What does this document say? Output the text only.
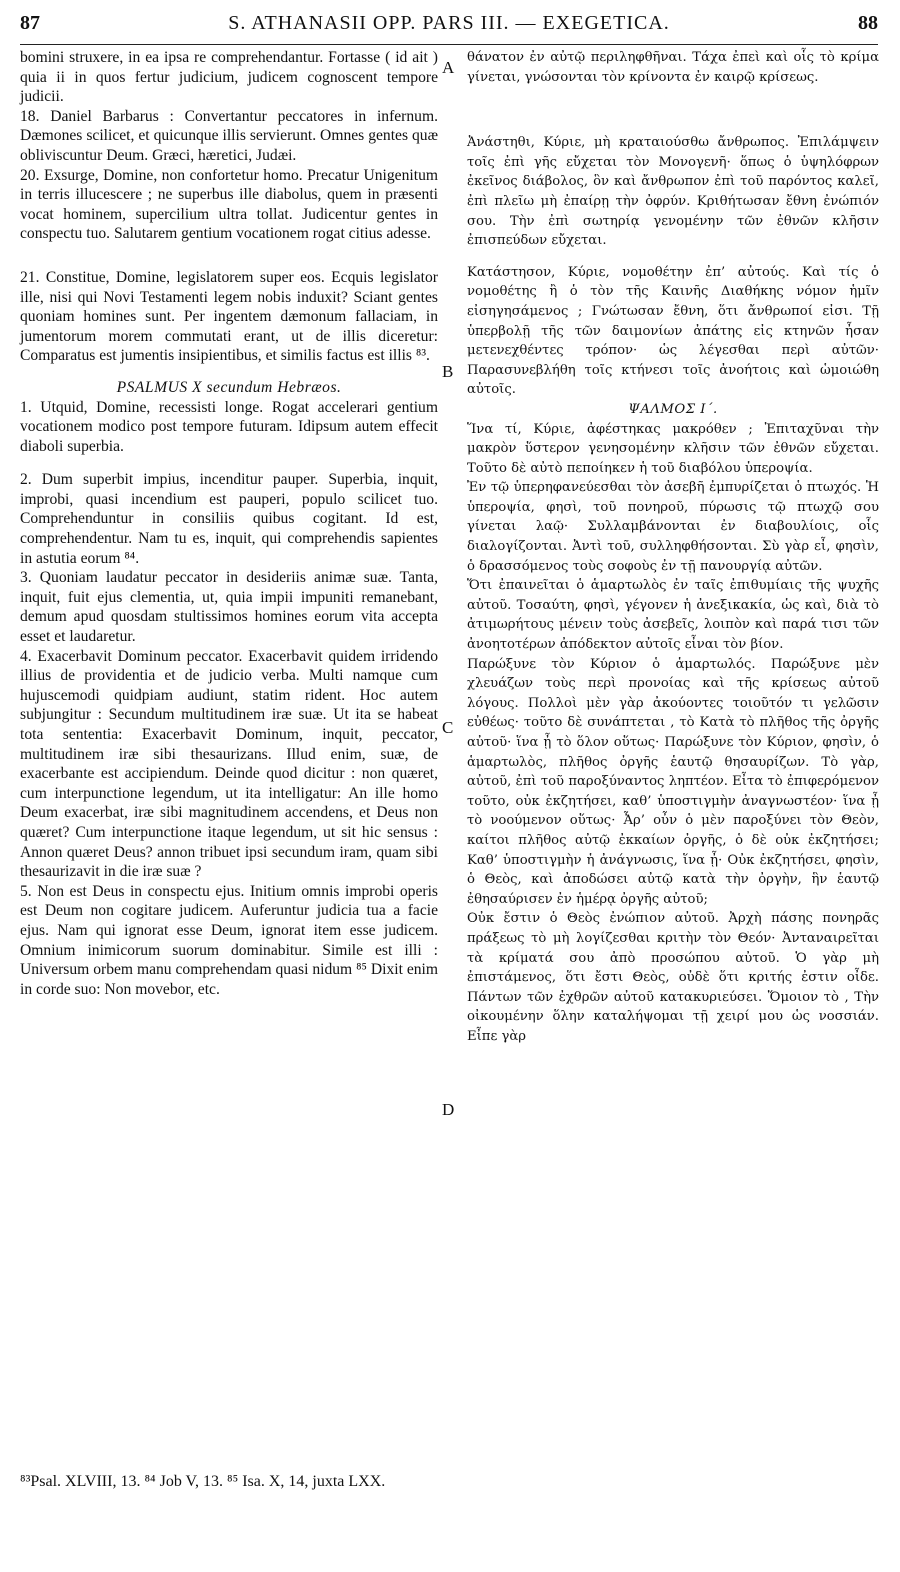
87	S. ATHANASII OPP. PARS III. — EXEGETICA.	88

bomini struxere, in ea ipsa re comprehendantur. Fortasse ( id ait ) quia ii in quos fertur judicium, judicem cognoscent tempore judicii.

18. Daniel Barbarus : Convertantur peccatores in infernum. Dæmones scilicet, et quicunque illis servierunt. Omnes gentes quæ obliviscuntur Deum. Græci, hæretici, Judæi.

20. Exsurge, Domine, non confortetur homo. Precatur Unigenitum in terris illucescere ; ne superbus ille diabolus, quem in præsenti vocat hominem, supercilium ultra tollat. Judicentur gentes in conspectu tuo. Salutarem gentium vocationem rogat citius adesse.

21. Constitue, Domine, legislatorem super eos. Ecquis legislator ille, nisi qui Novi Testamenti legem nobis induxit? Sciant gentes quoniam homines sunt. Per ingentem dæmonum fallaciam, in jumentorum morem commutati erant, ut de illis diceretur: Comparatus est jumentis insipientibus, et similis factus est illis ⁸³.

PSALMUS X secundum Hebræos.

1. Utquid, Domine, recessisti longe. Rogat accelerari gentium vocationem modico post tempore futuram. Idipsum autem effecit diaboli superbia.

2. Dum superbit impius, incenditur pauper. Superbia, inquit, improbi, quasi incendium est pauperi, populo scilicet tuo. Comprehenduntur in consiliis quibus cogitant. Id est, comprehendentur. Nam tu es, inquit, qui comprehendis sapientes in astutia eorum ⁸⁴.

3. Quoniam laudatur peccator in desideriis animæ suæ. Tanta, inquit, fuit ejus clementia, ut, quia impii impuniti remanebant, demum apud quosdam stultissimos homines eorum vita accepta esset et laudaretur.

4. Exacerbavit Dominum peccator. Exacerbavit quidem irridendo illius de providentia et de judicio verba. Multi namque cum hujuscemodi quidpiam audiunt, statim rident. Hoc autem subjungitur : Secundum multitudinem iræ suæ. Ut ita se habeat tota sententia: Exacerbavit Dominum, inquit, peccator, multitudinem iræ sibi thesaurizans. Illud enim, suæ, de exacerbante est accipiendum. Deinde quod dicitur : non quæret, cum interpunctione legendum, ut ita intelligatur: An ille homo Deum exacerbat, iræ sibi magnitudinem accendens, et Deus non quæret? Cum interpunctione itaque legendum, ut sit hic sensus : Annon quæret Deus? annon tribuet ipsi secundum iram, quam sibi thesaurizavit in die iræ suæ ?

5. Non est Deus in conspectu ejus. Initium omnis improbi operis est Deum non cogitare judicem. Auferuntur judicia tua a facie ejus. Nam qui ignorat esse Deum, ignorat item esse judicem. Omnium inimicorum suorum dominabitur. Simile est illi : Universum orbem manu comprehendam quasi nidum ⁸⁵ Dixit enim in corde suo: Non movebor, etc.

θάνατον ἐν αὐτῷ περιληφθῆναι. Τάχα ἐπεὶ καὶ οἷς τὸ κρίμα γίνεται, γνώσονται τὸν κρίνοντα ἐν καιρῷ κρίσεως.

Ἀνάστηθι, Κύριε, μὴ κραταιούσθω ἄνθρωπος. Ἐπιλάμψειν τοῖς ἐπὶ γῆς εὔχεται τὸν Μονογενῆ· ὅπως ὁ ὑψηλόφρων ἐκεῖνος διάβολος, ὃν καὶ ἄνθρωπον ἐπὶ τοῦ παρόντος καλεῖ, ἐπὶ πλεῖω μὴ ἐπαίρῃ τὴν ὀφρύν. Κριθήτωσαν ἔθνη ἐνώπιόν σου. Τὴν ἐπὶ σωτηρίᾳ γενομένην τῶν ἐθνῶν κλῆσιν ἐπισπεύδων εὔχεται.

Κατάστησον, Κύριε, νομοθέτην ἐπ’ αὐτούς. Καὶ τίς ὁ νομοθέτης ἢ ὁ τὸν τῆς Καινῆς Διαθήκης νόμον ἡμῖν εἰσηγησάμενος ; Γνώτωσαν ἔθνη, ὅτι ἄνθρωποί εἰσι. Τῇ ὑπερβολῇ τῆς τῶν δαιμονίων ἀπάτης εἰς κτηνῶν ἦσαν μετενεχθέντες τρόπον· ὡς λέγεσθαι περὶ αὐτῶν· Παρασυνεβλήθη τοῖς κτήνεσι τοῖς ἀνοήτοις καὶ ὡμοιώθη αὐτοῖς.

ΨΑΛΜΟΣ Ι΄.

Ἵνα τί, Κύριε, ἀφέστηκας μακρόθεν ; Ἐπιταχῦναι τὴν μακρὸν ὕστερον γενησομένην κλῆσιν τῶν ἐθνῶν εὔχεται. Τοῦτο δὲ αὐτὸ πεποίηκεν ἡ τοῦ διαβόλου ὑπεροψία.

Ἐν τῷ ὑπερηφανεύεσθαι τὸν ἀσεβῆ ἐμπυρίζεται ὁ πτωχός. Ἡ ὑπεροψία, φησὶ, τοῦ πονηροῦ, πύρωσις τῷ πτωχῷ σου γίνεται λαῷ· Συλλαμβάνονται ἐν διαβουλίοις, οἷς διαλογίζονται. Ἀντὶ τοῦ, συλληφθήσονται. Σὺ γὰρ εἶ, φησὶν, ὁ δρασσόμενος τοὺς σοφοὺς ἐν τῇ πανουργίᾳ αὐτῶν.

Ὅτι ἐπαινεῖται ὁ ἁμαρτωλὸς ἐν ταῖς ἐπιθυμίαις τῆς ψυχῆς αὐτοῦ. Τοσαύτη, φησὶ, γέγονεν ἡ ἀνεξικακία, ὡς καὶ, διὰ τὸ ἀτιμωρήτους μένειν τοὺς ἀσεβεῖς, λοιπὸν καὶ παρά τισι τῶν ἀνοητοτέρων ἀπόδεκτον αὐτοῖς εἶναι τὸν βίον.

Παρώξυνε τὸν Κύριον ὁ ἁμαρτωλός. Παρώξυνε μὲν χλευάζων τοὺς περὶ προνοίας καὶ τῆς κρίσεως αὐτοῦ λόγους. Πολλοὶ μὲν γὰρ ἀκούοντες τοιοῦτόν τι γελῶσιν εὐθέως· τοῦτο δὲ συνάπτεται , τὸ Κατὰ τὸ πλῆθος τῆς ὀργῆς αὐτοῦ· ἵνα ᾖ τὸ ὅλον οὕτως· Παρώξυνε τὸν Κύριον, φησὶν, ὁ ἁμαρτωλὸς, πλῆθος ὀργῆς ἑαυτῷ θησαυρίζων. Τὸ γὰρ, αὐτοῦ, ἐπὶ τοῦ παροξύναντος ληπτέον. Εἶτα τὸ ἐπιφερόμενον τοῦτο, οὐκ ἐκζητήσει, καθ’ ὑποστιγμὴν ἀναγνωστέον· ἵνα ᾖ τὸ νοούμενον οὕτως· Ἆρ’ οὖν ὁ μὲν παροξύνει τὸν Θεὸν, καίτοι πλῆθος αὐτῷ ἐκκαίων ὀργῆς, ὁ δὲ οὐκ ἐκζητήσει; Καθ’ ὑποστιγμὴν ἡ ἀνάγνωσις, ἵνα ᾖ· Οὐκ ἐκζητήσει, φησὶν, ὁ Θεὸς, καὶ ἀποδώσει αὐτῷ κατὰ τὴν ὀργὴν, ἣν ἑαυτῷ ἐθησαύρισεν ἐν ἡμέρᾳ ὀργῆς αὐτοῦ;

Οὐκ ἔστιν ὁ Θεὸς ἐνώπιον αὐτοῦ. Ἀρχὴ πάσης πονηρᾶς πράξεως τὸ μὴ λογίζεσθαι κριτὴν τὸν Θεόν· Ἀνταναιρεῖται τὰ κρίματά σου ἀπὸ προσώπου αὐτοῦ. Ὁ γὰρ μὴ ἐπιστάμενος, ὅτι ἔστι Θεὸς, οὐδὲ ὅτι κριτής ἐστιν οἶδε. Πάντων τῶν ἐχθρῶν αὐτοῦ κατακυριεύσει. Ὅμοιον τὸ , Τὴν οἰκουμένην ὅλην καταλήψομαι τῇ χειρί μου ὡς νοσσιάν. Εἶπε γὰρ

A
B
C
D
⁸³Psal. XLVIII, 13. ⁸⁴ Job V, 13. ⁸⁵ Isa. X, 14, juxta LXX.
